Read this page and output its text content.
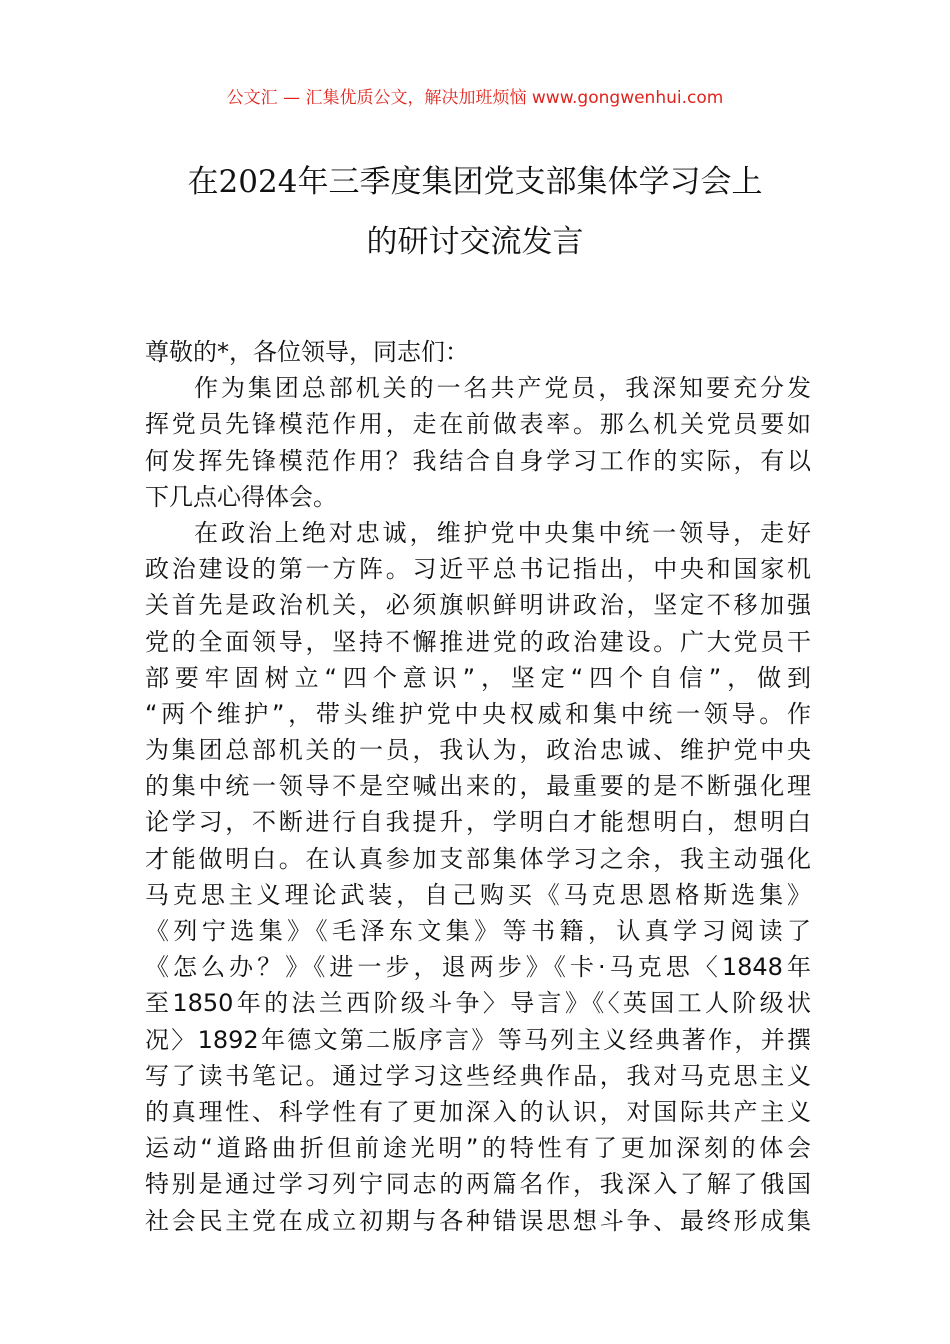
公文汇 — 汇集优质公文，解决加班烦恼 www.gongwenhui.com
在2024年三季度集团党支部集体学习会上
的研讨交流发言
尊敬的*，各位领导，同志们：
作为集团总部机关的一名共产党员，我深知要充分发
挥党员先锋模范作用，走在前做表率。那么机关党员要如
何发挥先锋模范作用？我结合自身学习工作的实际，有以
下几点心得体会。
在政治上绝对忠诚，维护党中央集中统一领导，走好
政治建设的第一方阵。习近平总书记指出，中央和国家机
关首先是政治机关，必须旗帜鲜明讲政治，坚定不移加强
党的全面领导，坚持不懈推进党的政治建设。广大党员干
部要牢固树立“四个意识”，坚定“四个自信”，做到
“两个维护”，带头维护党中央权威和集中统一领导。作
为集团总部机关的一员，我认为，政治忠诚、维护党中央
的集中统一领导不是空喊出来的，最重要的是不断强化理
论学习，不断进行自我提升，学明白才能想明白，想明白
才能做明白。在认真参加支部集体学习之余，我主动强化
马克思主义理论武装，自己购买《马克思恩格斯选集》
《列宁选集》《毛泽东文集》等书籍，认真学习阅读了
《怎么办？》《进一步，退两步》《卡·马克思〈1848年
至1850年的法兰西阶级斗争〉导言》《〈英国工人阶级状
况〉1892年德文第二版序言》等马列主义经典著作，并撰
写了读书笔记。通过学习这些经典作品，我对马克思主义
的真理性、科学性有了更加深入的认识，对国际共产主义
运动“道路曲折但前途光明”的特性有了更加深刻的体会
特别是通过学习列宁同志的两篇名作，我深入了解了俄国
社会民主党在成立初期与各种错误思想斗争、最终形成集
